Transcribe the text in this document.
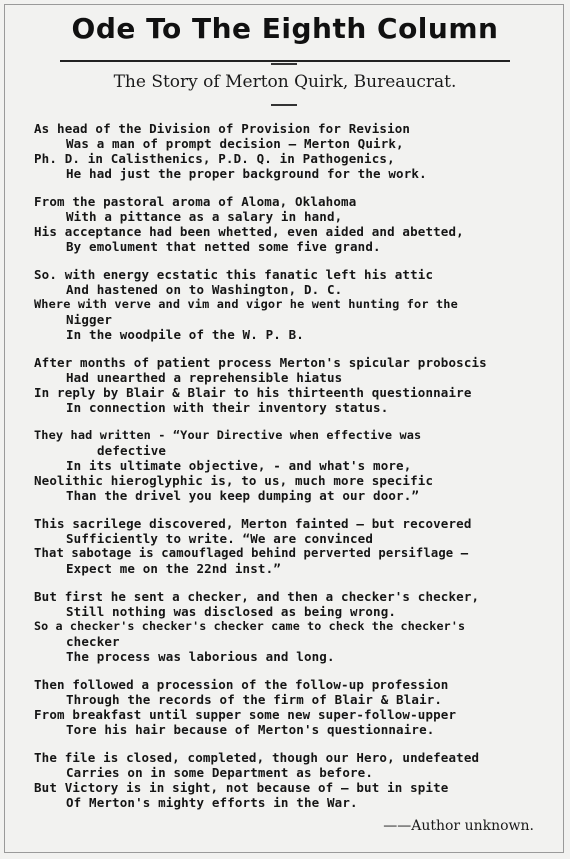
Ode To The Eighth Column
The Story of Merton Quirk, Bureaucrat.
As head of the Division of Provision for Revision
Was a man of prompt decision — Merton Quirk,
Ph. D. in Calisthenics, P.D. Q. in Pathogenics,
He had just the proper background for the work.
From the pastoral aroma of Aloma, Oklahoma
With a pittance as a salary in hand,
His acceptance had been whetted, even aided and abetted,
By emolument that netted some five grand.
So. with energy ecstatic this fanatic left his attic
And hastened on to Washington, D. C.
Where with verve and vim and vigor he went hunting for the
Nigger
In the woodpile of the W. P. B.
After months of patient process Merton's spicular proboscis
Had unearthed a reprehensible hiatus
In reply by Blair & Blair to his thirteenth questionnaire
In connection with their inventory status.
They had written - “Your Directive when effective was
defective
In its ultimate objective, - and what's more,
Neolithic hieroglyphic is, to us, much more specific
Than the drivel you keep dumping at our door.”
This sacrilege discovered, Merton fainted — but recovered
Sufficiently to write. “We are convinced
That sabotage is camouflaged behind perverted persiflage —
Expect me on the 22nd inst.”
But first he sent a checker, and then a checker's checker,
Still nothing was disclosed as being wrong.
So a checker's checker's checker came to check the checker's
checker
The process was laborious and long.
Then followed a procession of the follow-up profession
Through the records of the firm of Blair & Blair.
From breakfast until supper some new super-follow-upper
Tore his hair because of Merton's questionnaire.
The file is closed, completed, though our Hero, undefeated
Carries on in some Department as before.
But Victory is in sight, not because of — but in spite
Of Merton's mighty efforts in the War.
——Author unknown.
